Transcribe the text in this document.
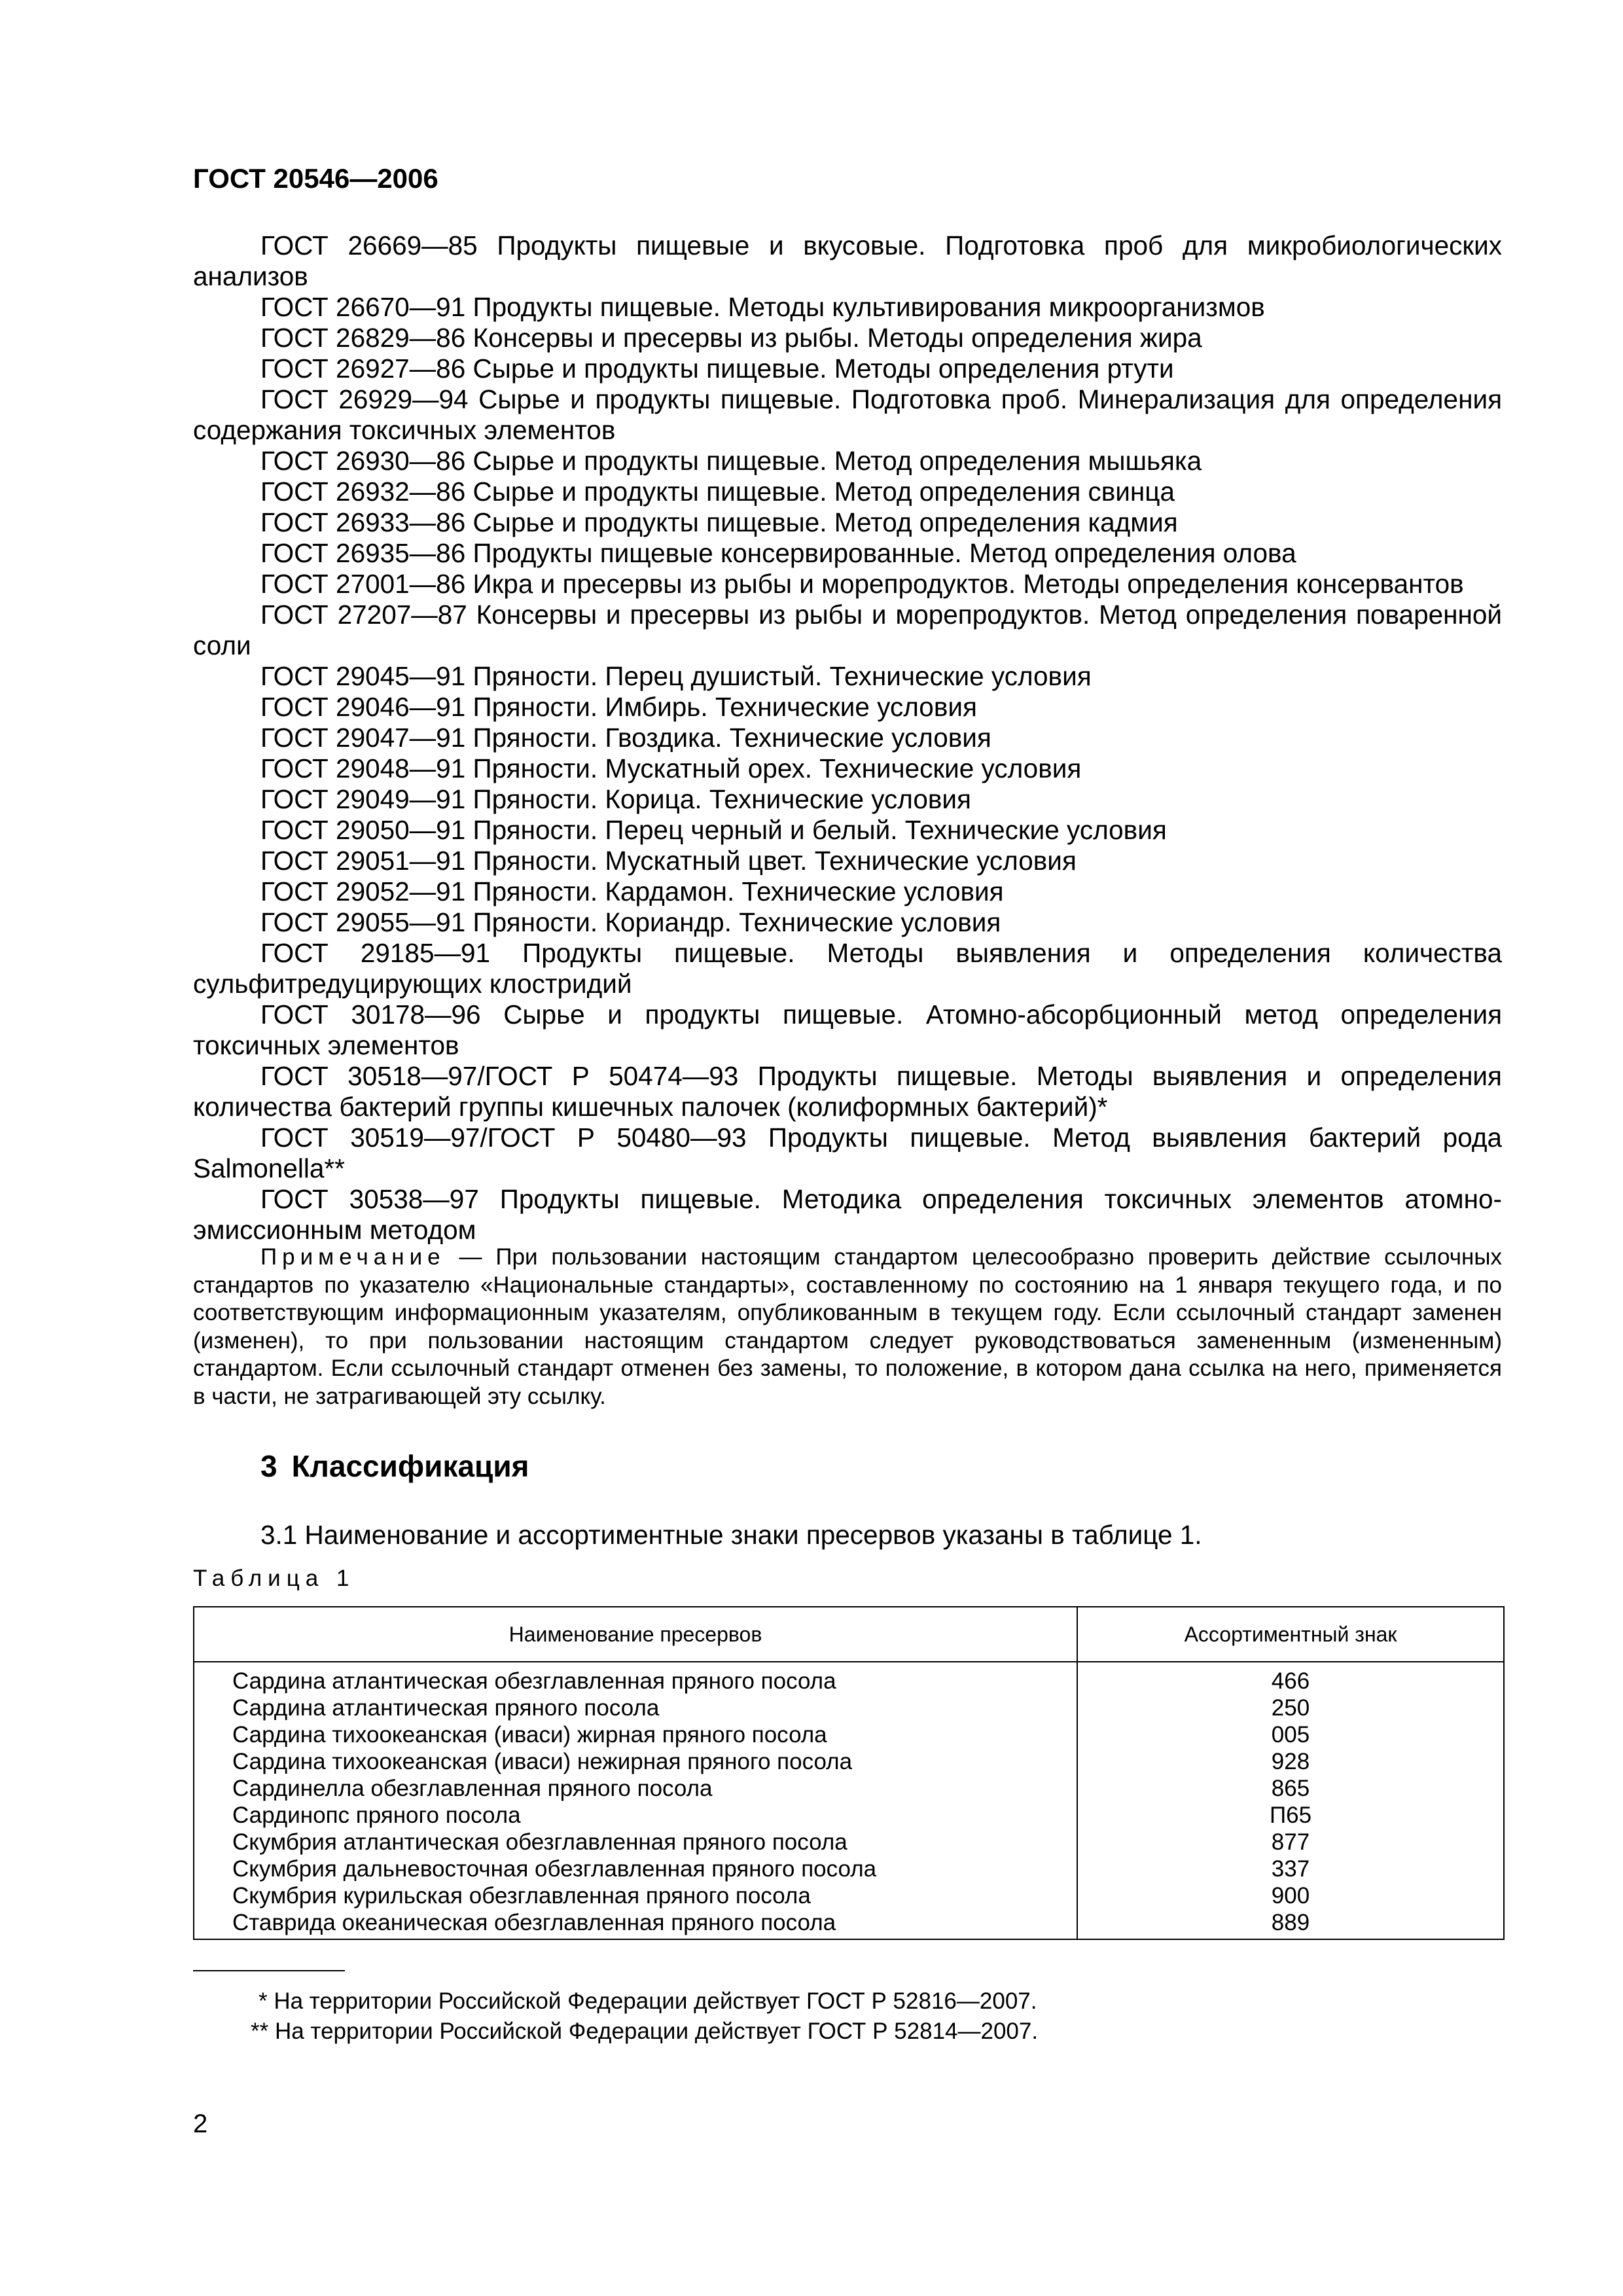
ГОСТ 20546—2006

ГОСТ 26669—85 Продукты пищевые и вкусовые. Подготовка проб для микробиологических анализов

ГОСТ 26670—91 Продукты пищевые. Методы культивирования микроорганизмов

ГОСТ 26829—86 Консервы и пресервы из рыбы. Методы определения жира

ГОСТ 26927—86 Сырье и продукты пищевые. Методы определения ртути

ГОСТ 26929—94 Сырье и продукты пищевые. Подготовка проб. Минерализация для определения содержания токсичных элементов

ГОСТ 26930—86 Сырье и продукты пищевые. Метод определения мышьяка

ГОСТ 26932—86 Сырье и продукты пищевые. Метод определения свинца

ГОСТ 26933—86 Сырье и продукты пищевые. Метод определения кадмия

ГОСТ 26935—86 Продукты пищевые консервированные. Метод определения олова

ГОСТ 27001—86 Икра и пресервы из рыбы и морепродуктов. Методы определения консервантов

ГОСТ 27207—87 Консервы и пресервы из рыбы и морепродуктов. Метод определения поваренной соли

ГОСТ 29045—91 Пряности. Перец душистый. Технические условия

ГОСТ 29046—91 Пряности. Имбирь. Технические условия

ГОСТ 29047—91 Пряности. Гвоздика. Технические условия

ГОСТ 29048—91 Пряности. Мускатный орех. Технические условия

ГОСТ 29049—91 Пряности. Корица. Технические условия

ГОСТ 29050—91 Пряности. Перец черный и белый. Технические условия

ГОСТ 29051—91 Пряности. Мускатный цвет. Технические условия

ГОСТ 29052—91 Пряности. Кардамон. Технические условия

ГОСТ 29055—91 Пряности. Кориандр. Технические условия

ГОСТ 29185—91 Продукты пищевые. Методы выявления и определения количества сульфитредуцирующих клостридий

ГОСТ 30178—96 Сырье и продукты пищевые. Атомно-абсорбционный метод определения токсичных элементов

ГОСТ 30518—97/ГОСТ Р 50474—93 Продукты пищевые. Методы выявления и определения количества бактерий группы кишечных палочек (колиформных бактерий)*

ГОСТ 30519—97/ГОСТ Р 50480—93 Продукты пищевые. Метод выявления бактерий рода Salmonella**

ГОСТ 30538—97 Продукты пищевые. Методика определения токсичных элементов атомно-эмиссионным методом

Примечание — При пользовании настоящим стандартом целесообразно проверить действие ссылочных стандартов по указателю «Национальные стандарты», составленному по состоянию на 1 января текущего года, и по соответствующим информационным указателям, опубликованным в текущем году. Если ссылочный стандарт заменен (изменен), то при пользовании настоящим стандартом следует руководствоваться замененным (измененным) стандартом. Если ссылочный стандарт отменен без замены, то положение, в котором дана ссылка на него, применяется в части, не затрагивающей эту ссылку.

3 Классификация

3.1 Наименование и ассортиментные знаки пресервов указаны в таблице 1.

Таблица 1
Наименование пресервов	Ассортиментный знак
Сардина атлантическая обезглавленная пряного посола	466
Сардина атлантическая пряного посола	250
Сардина тихоокеанская (иваси) жирная пряного посола	005
Сардина тихоокеанская (иваси) нежирная пряного посола	928
Сардинелла обезглавленная пряного посола	865
Сардинопс пряного посола	П65
Скумбрия атлантическая обезглавленная пряного посола	877
Скумбрия дальневосточная обезглавленная пряного посола	337
Скумбрия курильская обезглавленная пряного посола	900
Ставрида океаническая обезглавленная пряного посола	889
* На территории Российской Федерации действует ГОСТ Р 52816—2007.
** На территории Российской Федерации действует ГОСТ Р 52814—2007.
2
